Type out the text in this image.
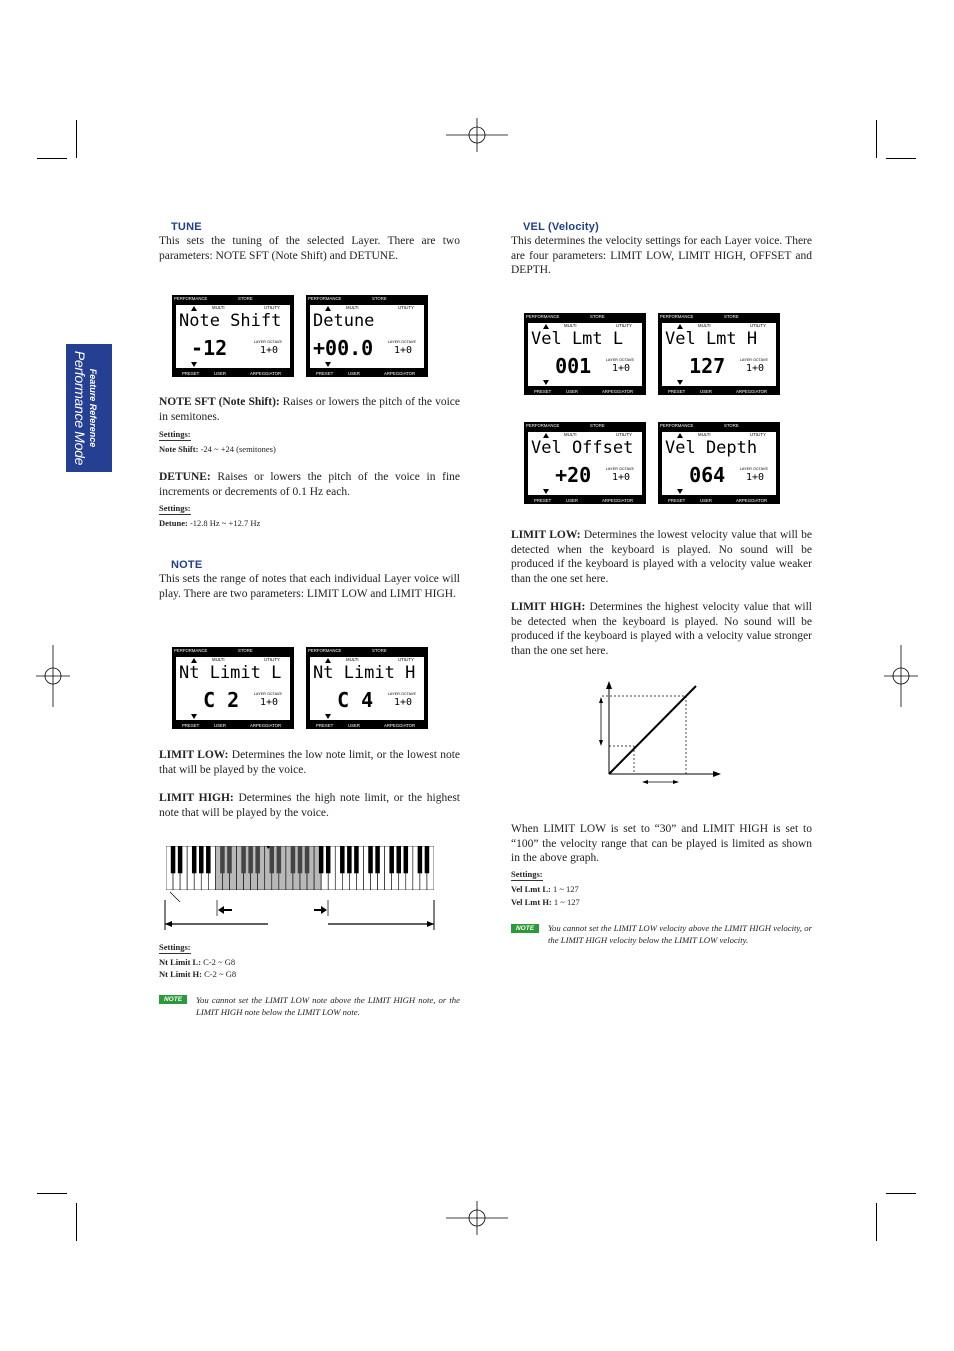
Feature Reference
Performance Mode
TUNE

This sets the tuning of the selected Layer. There are two parameters: NOTE SFT (Note Shift) and DETUNE.

PERFORMANCE	STORE
MULTI	UTILITY
Note Shift
-12	LAYER OCTAVE
1+0
PRESET	USER	ARPEGGIATOR
PERFORMANCE	STORE
MULTI	UTILITY
Detune
+00.0	LAYER OCTAVE
1+0
PRESET	USER	ARPEGGIATOR

NOTE SFT (Note Shift): Raises or lowers the pitch of the voice in semitones.

Settings:
Note Shift: -24 ~ +24 (semitones)

DETUNE: Raises or lowers the pitch of the voice in fine increments or decrements of 0.1 Hz each.

Settings:
Detune: -12.8 Hz ~ +12.7 Hz
NOTE

This sets the range of notes that each individual Layer voice will play. There are two parameters: LIMIT LOW and LIMIT HIGH.

PERFORMANCE	STORE
MULTI	UTILITY
Nt Limit L
C 2	LAYER OCTAVE
1+0
PRESET	USER	ARPEGGIATOR
PERFORMANCE	STORE
MULTI	UTILITY
Nt Limit H
C 4	LAYER OCTAVE
1+0
PRESET	USER	ARPEGGIATOR

LIMIT LOW: Determines the low note limit, or the lowest note that will be played by the voice.

LIMIT HIGH: Determines the high note limit, or the highest note that will be played by the voice.

Settings:
Nt Limit L: C-2 ~ G8
Nt Limit H: C-2 ~ G8
NOTE	You cannot set the LIMIT LOW note above the LIMIT HIGH note, or the LIMIT HIGH note below the LIMIT LOW note.
VEL (Velocity)

This determines the velocity settings for each Layer voice. There are four parameters: LIMIT LOW, LIMIT HIGH, OFFSET and DEPTH.

PERFORMANCE	STORE
MULTI	UTILITY
Vel Lmt L
001	LAYER OCTAVE
1+0
PRESET	USER	ARPEGGIATOR
PERFORMANCE	STORE
MULTI	UTILITY
Vel Lmt H
127	LAYER OCTAVE
1+0
PRESET	USER	ARPEGGIATOR
PERFORMANCE	STORE
MULTI	UTILITY
Vel Offset
+20	LAYER OCTAVE
1+0
PRESET	USER	ARPEGGIATOR
PERFORMANCE	STORE
MULTI	UTILITY
Vel Depth
064	LAYER OCTAVE
1+0
PRESET	USER	ARPEGGIATOR

LIMIT LOW: Determines the lowest velocity value that will be detected when the keyboard is played. No sound will be produced if the keyboard is played with a velocity value weaker than the one set here.

LIMIT HIGH: Determines the highest velocity value that will be detected when the keyboard is played. No sound will be produced if the keyboard is played with a velocity value stronger than the one set here.

When LIMIT LOW is set to “30” and LIMIT HIGH is set to “100” the velocity range that can be played is limited as shown in the above graph.

Settings:
Vel Lmt L: 1 ~ 127
Vel Lmt H: 1 ~ 127
NOTE	You cannot set the LIMIT LOW velocity above the LIMIT HIGH velocity, or the LIMIT HIGH velocity below the LIMIT LOW velocity.
